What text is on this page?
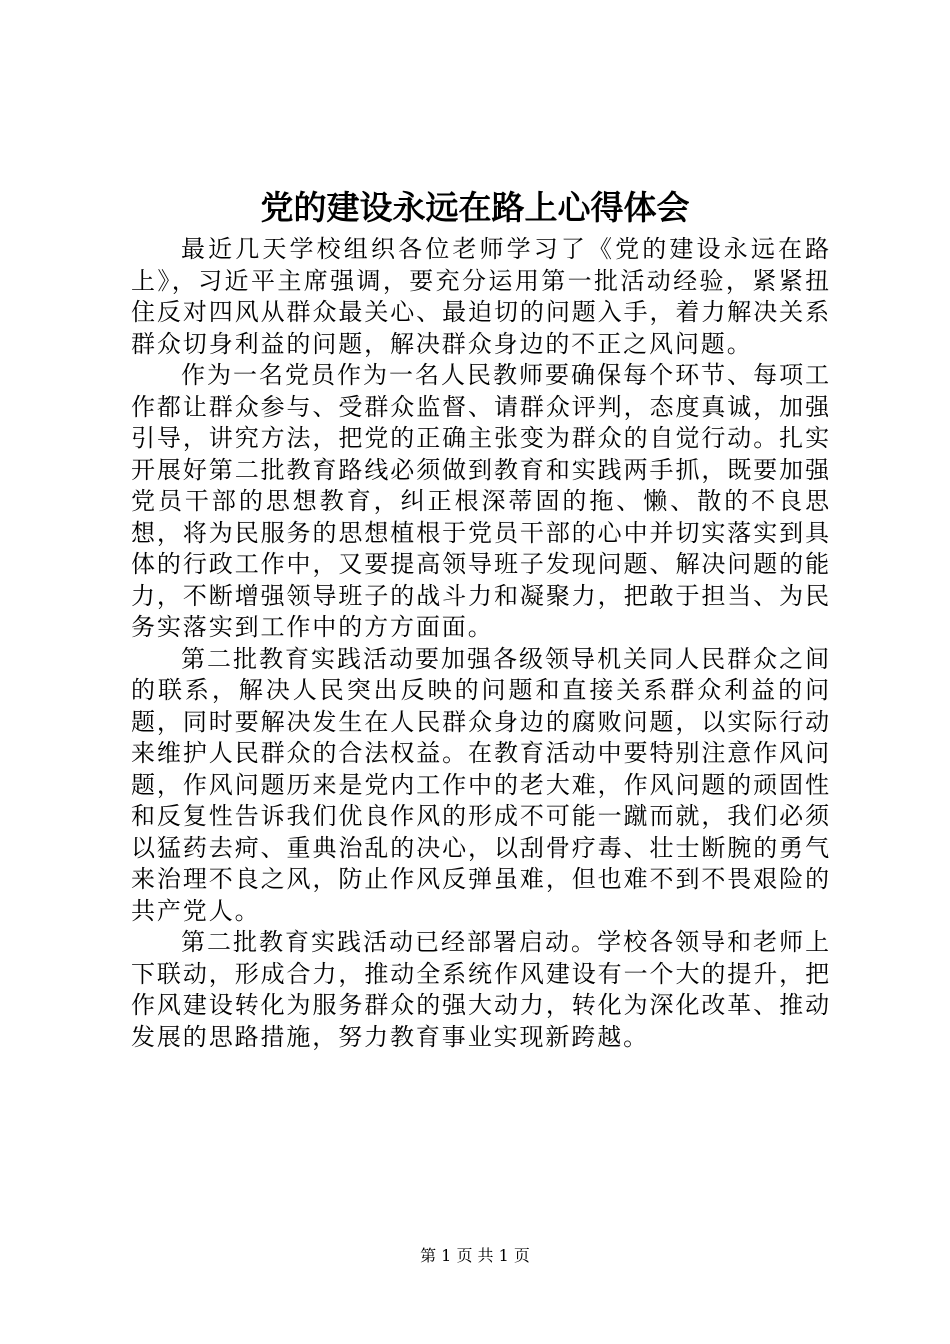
党的建设永远在路上心得体会

最近几天学校组织各位老师学习了《党的建设永远在路上》，习近平主席强调，要充分运用第一批活动经验，紧紧扭住反对四风从群众最关心、最迫切的问题入手，着力解决关系群众切身利益的问题，解决群众身边的不正之风问题。

作为一名党员作为一名人民教师要确保每个环节、每项工作都让群众参与、受群众监督、请群众评判，态度真诚，加强引导，讲究方法，把党的正确主张变为群众的自觉行动。扎实开展好第二批教育路线必须做到教育和实践两手抓，既要加强党员干部的思想教育，纠正根深蒂固的拖、懒、散的不良思想，将为民服务的思想植根于党员干部的心中并切实落实到具体的行政工作中，又要提高领导班子发现问题、解决问题的能力，不断增强领导班子的战斗力和凝聚力，把敢于担当、为民务实落实到工作中的方方面面。

第二批教育实践活动要加强各级领导机关同人民群众之间的联系，解决人民突出反映的问题和直接关系群众利益的问题，同时要解决发生在人民群众身边的腐败问题，以实际行动来维护人民群众的合法权益。在教育活动中要特别注意作风问题，作风问题历来是党内工作中的老大难，作风问题的顽固性和反复性告诉我们优良作风的形成不可能一蹴而就，我们必须以猛药去疴、重典治乱的决心，以刮骨疗毒、壮士断腕的勇气来治理不良之风，防止作风反弹虽难，但也难不到不畏艰险的共产党人。

第二批教育实践活动已经部署启动。学校各领导和老师上下联动，形成合力，推动全系统作风建设有一个大的提升，把作风建设转化为服务群众的强大动力，转化为深化改革、推动发展的思路措施，努力教育事业实现新跨越。

第 1 页 共 1 页
